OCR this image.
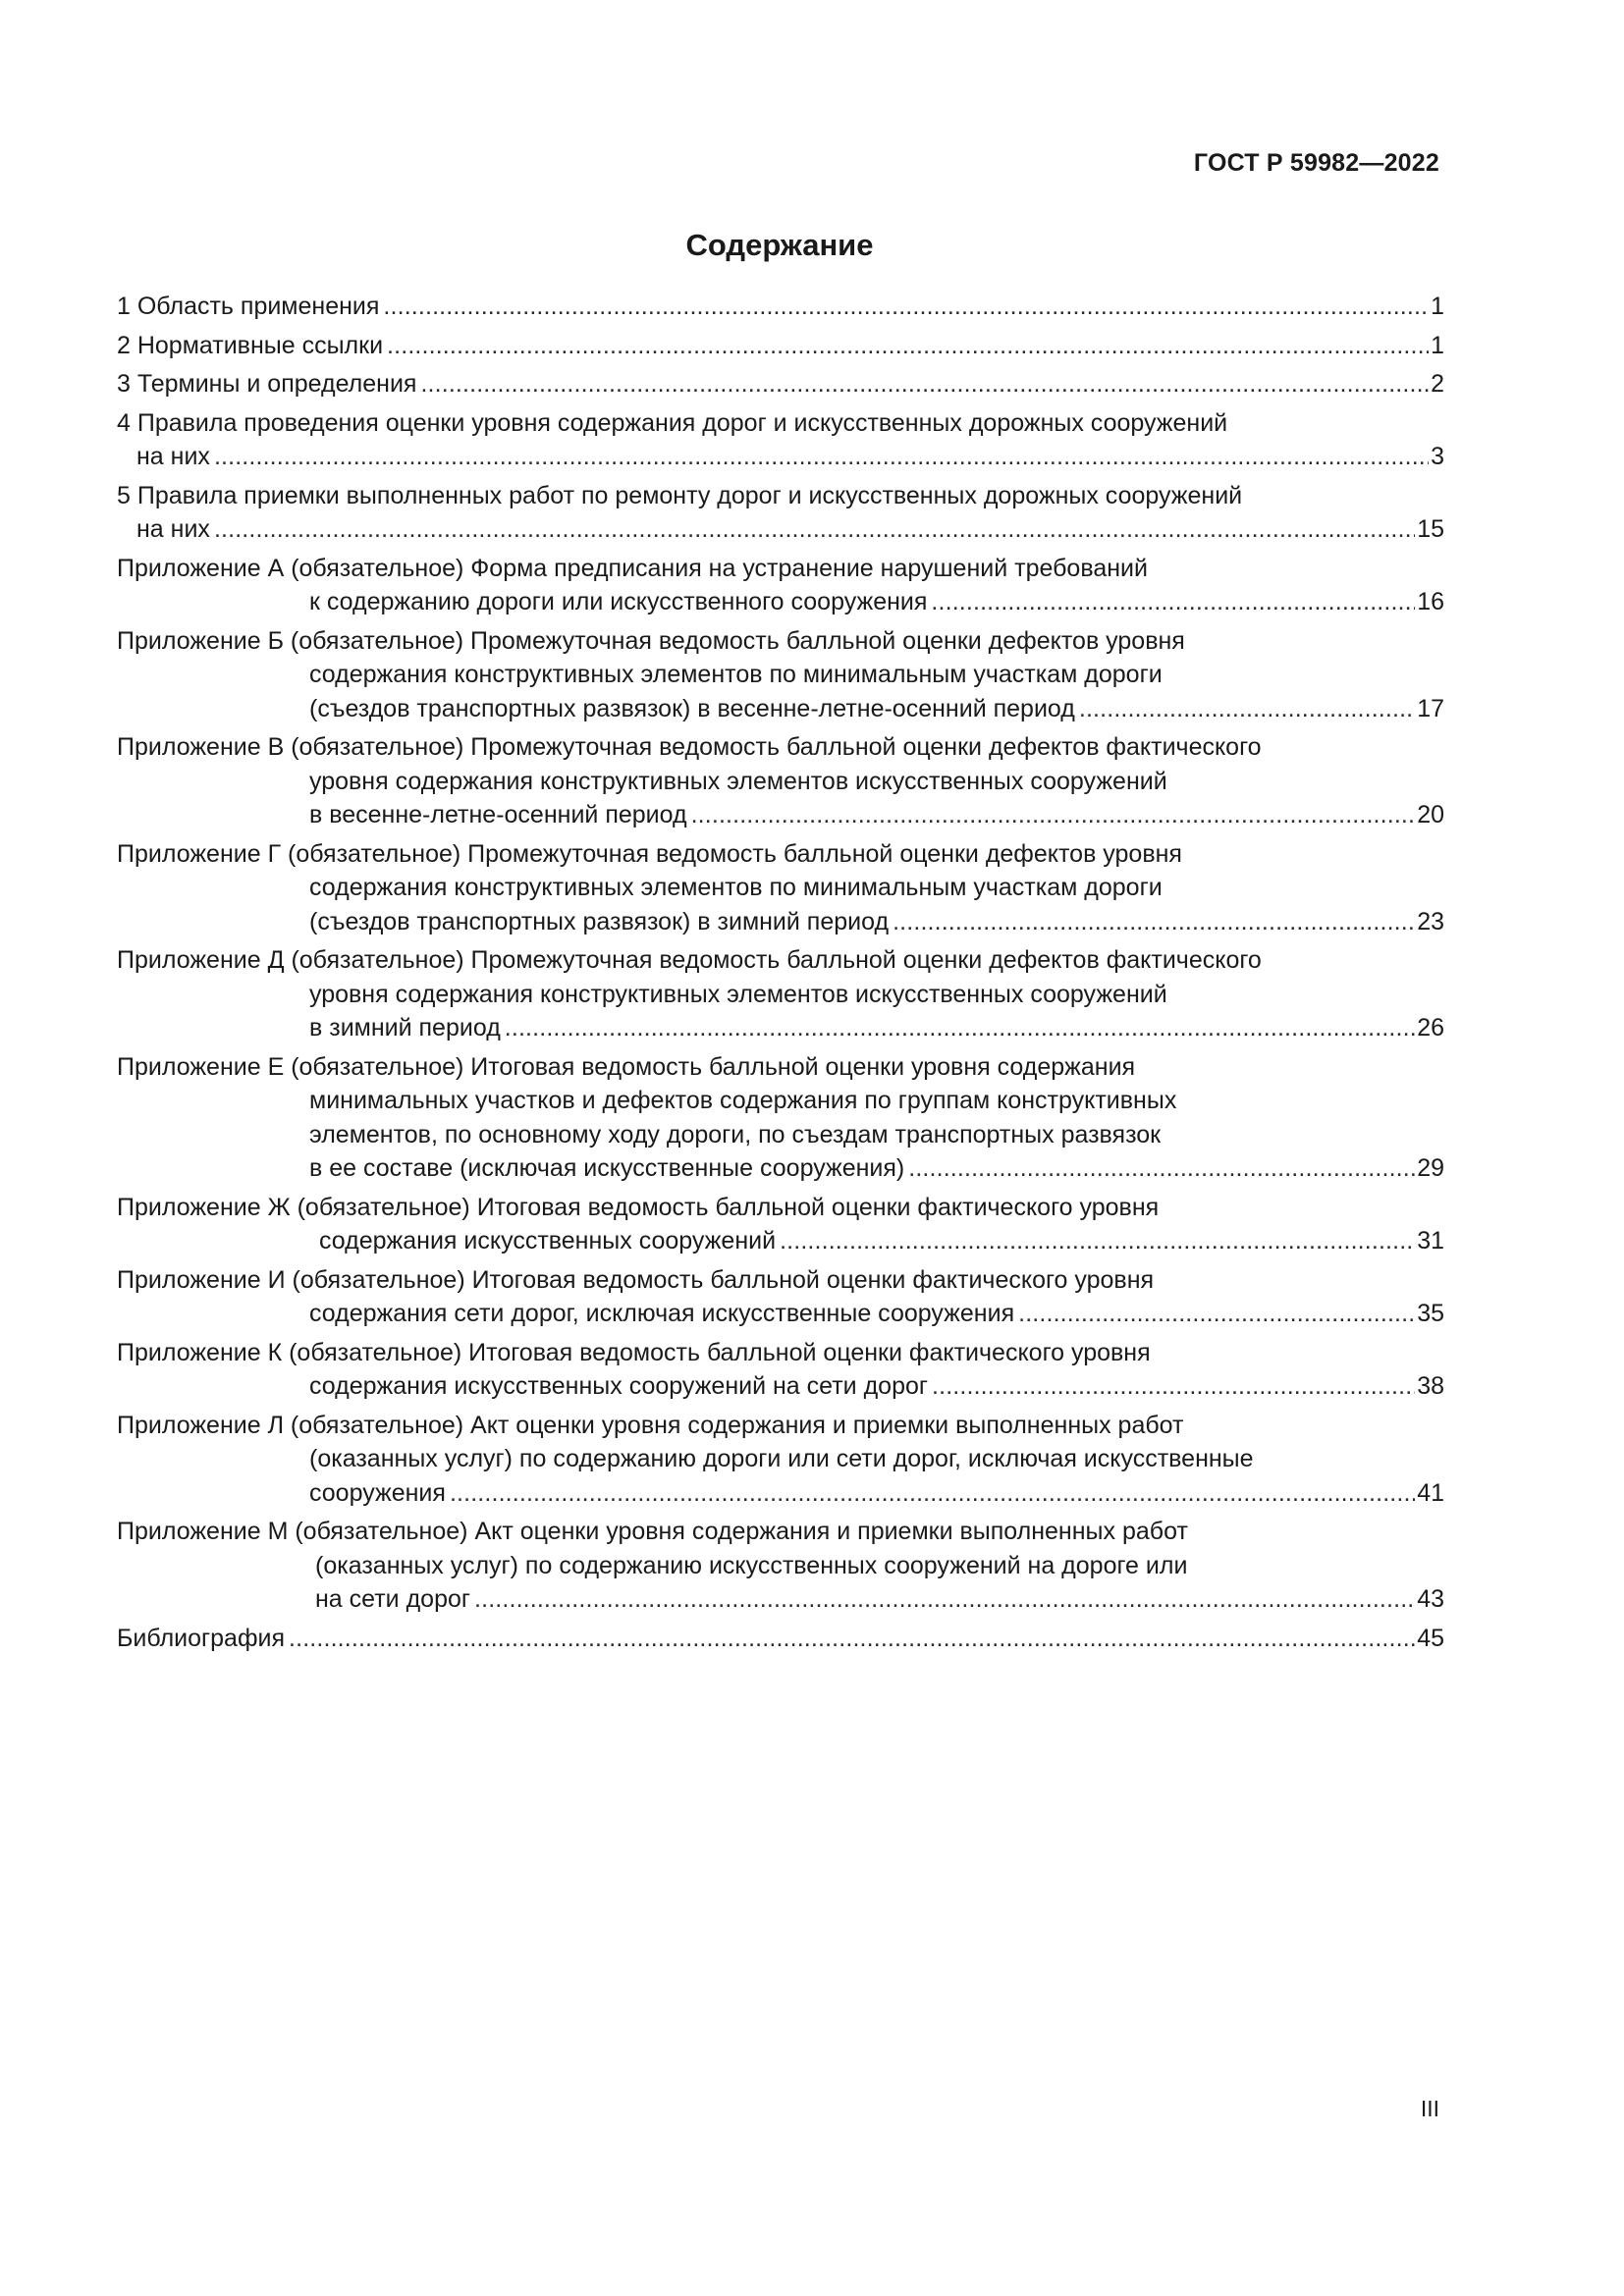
ГОСТ Р 59982—2022
Содержание
1 Область применения . . .	1
2 Нормативные ссылки . . .	1
3 Термины и определения . . .	2
4 Правила проведения оценки уровня содержания дорог и искусственных дорожных сооружений
на них . . .	3
5 Правила приемки выполненных работ по ремонту дорог и искусственных дорожных сооружений
на них . . .	15
Приложение А (обязательное) Форма предписания на устранение нарушений требований
к содержанию дороги или искусственного сооружения . . .	16
Приложение Б (обязательное) Промежуточная ведомость балльной оценки дефектов уровня
содержания конструктивных элементов по минимальным участкам дороги
(съездов транспортных развязок) в весенне-летне-осенний период . . .	17
Приложение В (обязательное) Промежуточная ведомость балльной оценки дефектов фактического
уровня содержания конструктивных элементов искусственных сооружений
в весенне-летне-осенний период . . .	20
Приложение Г (обязательное) Промежуточная ведомость балльной оценки дефектов уровня
содержания конструктивных элементов по минимальным участкам дороги
(съездов транспортных развязок) в зимний период . . .	23
Приложение Д (обязательное) Промежуточная ведомость балльной оценки дефектов фактического
уровня содержания конструктивных элементов искусственных сооружений
в зимний период . . .	26
Приложение Е (обязательное) Итоговая ведомость балльной оценки уровня содержания
минимальных участков и дефектов содержания по группам конструктивных
элементов, по основному ходу дороги, по съездам транспортных развязок
в ее составе (исключая искусственные сооружения) . . .	29
Приложение Ж (обязательное) Итоговая ведомость балльной оценки фактического уровня
содержания искусственных сооружений . . .	31
Приложение И (обязательное) Итоговая ведомость балльной оценки фактического уровня
содержания сети дорог, исключая искусственные сооружения . . .	35
Приложение К (обязательное) Итоговая ведомость балльной оценки фактического уровня
содержания искусственных сооружений на сети дорог . . .	38
Приложение Л (обязательное) Акт оценки уровня содержания и приемки выполненных работ
(оказанных услуг) по содержанию дороги или сети дорог, исключая искусственные
сооружения . . .	41
Приложение М (обязательное) Акт оценки уровня содержания и приемки выполненных работ
(оказанных услуг) по содержанию искусственных сооружений на дороге или
на сети дорог . . .	43
Библиография . . .	45
III
